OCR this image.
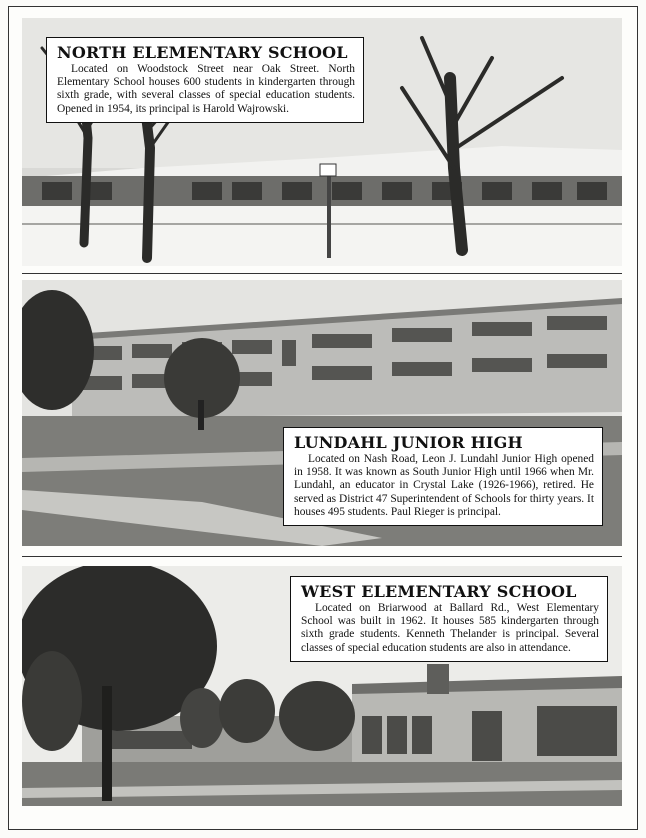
NORTH ELEMENTARY SCHOOL

Located on Woodstock Street near Oak Street. North Elementary School houses 600 students in kindergarten through sixth grade, with several classes of special education students. Opened in 1954, its principal is Harold Wajrowski.

LUNDAHL JUNIOR HIGH

Located on Nash Road, Leon J. Lundahl Junior High opened in 1958. It was known as South Junior High until 1966 when Mr. Lundahl, an educator in Crystal Lake (1926-1966), retired. He served as District 47 Superintendent of Schools for thirty years. It houses 495 students. Paul Rieger is principal.

WEST ELEMENTARY SCHOOL

Located on Briarwood at Ballard Rd., West Elementary School was built in 1962. It houses 585 kindergarten through sixth grade students. Kenneth Thelander is principal. Several classes of special education students are also in attendance.
